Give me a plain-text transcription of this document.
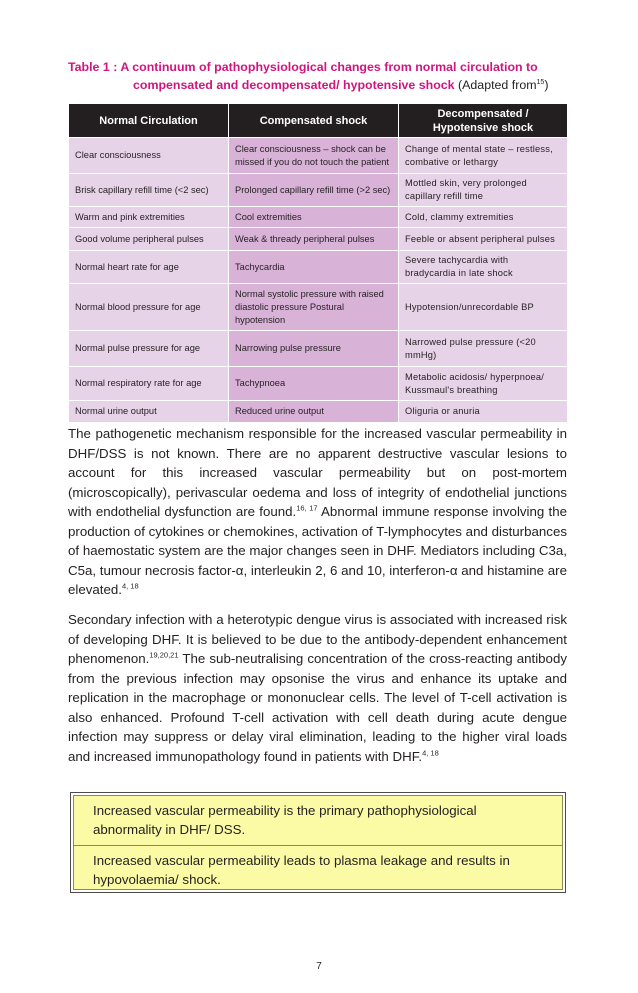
Table 1 : A continuum of pathophysiological changes from normal circulation to
compensated and decompensated/ hypotensive shock (Adapted from$^{15}$)
Normal Circulation	Compensated shock	Decompensated / Hypotensive shock
Clear consciousness	Clear consciousness – shock can be missed if you do not touch the patient	Change of mental state – restless, combative or lethargy
Brisk capillary refill time (<2 sec)	Prolonged capillary refill time (>2 sec)	Mottled skin, very prolonged capillary refill time
Warm and pink extremities	Cool extremities	Cold, clammy extremities
Good volume peripheral pulses	Weak & thready peripheral pulses	Feeble or absent peripheral pulses
Normal heart rate for age	Tachycardia	Severe tachycardia with bradycardia in late shock
Normal blood pressure for age	Normal systolic pressure with raised diastolic pressure Postural hypotension	Hypotension/unrecordable BP
Normal pulse pressure for age	Narrowing pulse pressure	Narrowed pulse pressure (<20 mmHg)
Normal respiratory rate for age	Tachypnoea	Metabolic acidosis/ hyperpnoea/ Kussmaul's breathing
Normal urine output	Reduced urine output	Oliguria or anuria

The pathogenetic mechanism responsible for the increased vascular permeability in DHF/DSS is not known. There are no apparent destructive vascular lesions to account for this increased vascular permeability but on post-mortem (microscopically), perivascular oedema and loss of integrity of endothelial junctions with endothelial dysfunction are found.$^{16, 17}$ Abnormal immune response involving the production of cytokines or chemokines, activation of T-lymphocytes and disturbances of haemostatic system are the major changes seen in DHF. Mediators including C3a, C5a, tumour necrosis factor-α, interleukin 2, 6 and 10, interferon-α and histamine are elevated.$^{4, 18}$

Secondary infection with a heterotypic dengue virus is associated with increased risk of developing DHF. It is believed to be due to the antibody-dependent enhancement phenomenon.$^{19,20,21}$ The sub-neutralising concentration of the cross-reacting antibody from the previous infection may opsonise the virus and enhance its uptake and replication in the macrophage or mononuclear cells. The level of T-cell activation is also enhanced. Profound T-cell activation with cell death during acute dengue infection may suppress or delay viral elimination, leading to the higher viral loads and increased immunopathology found in patients with DHF.$^{4, 18}$

Increased vascular permeability is the primary pathophysiological abnormality in DHF/ DSS.

Increased vascular permeability leads to plasma leakage and results in hypovolaemia/ shock.

7
